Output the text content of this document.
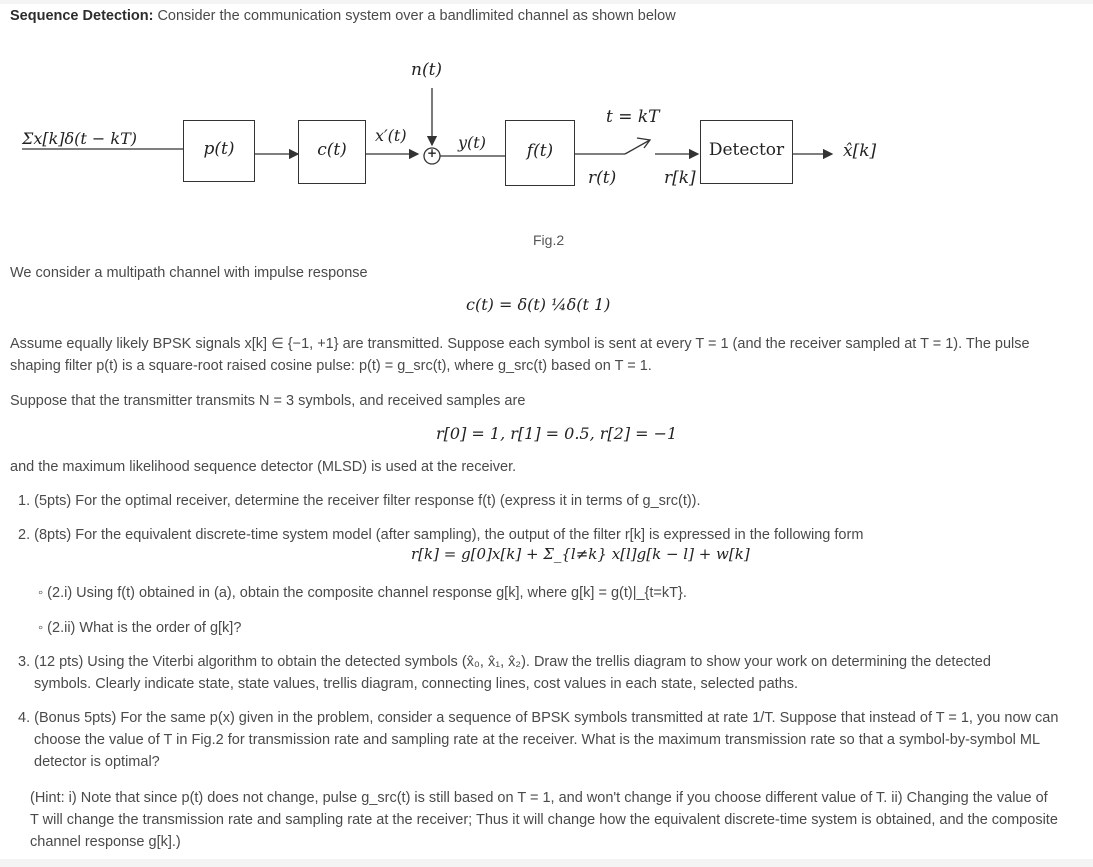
Sequence Detection: Consider the communication system over a bandlimited channel as shown below
Σx[k]δ(t − kT)
p(t)	c(t)
n(t)
x′(t)
+
y(t)	f(t)
t = kT
r(t)	r[k]
Detector	x̂[k]
Fig.2
We consider a multipath channel with impulse response
c(t) = δ(t) ¼δ(t 1)
Assume equally likely BPSK signals x[k] ∈ {−1, +1} are transmitted. Suppose each symbol is sent at every T = 1 (and the receiver sampled at T = 1). The pulse
shaping filter p(t) is a square-root raised cosine pulse: p(t) = g_src(t), where g_src(t) based on T = 1.
Suppose that the transmitter transmits N = 3 symbols, and received samples are
r[0] = 1, r[1] = 0.5, r[2] = −1
and the maximum likelihood sequence detector (MLSD) is used at the receiver.
1. (5pts) For the optimal receiver, determine the receiver filter response f(t) (express it in terms of g_src(t)).
2. (8pts) For the equivalent discrete-time system model (after sampling), the output of the filter r[k] is expressed in the following form
r[k] = g[0]x[k] + Σ_{l≠k} x[l]g[k − l] + w[k]
◦ (2.i) Using f(t) obtained in (a), obtain the composite channel response g[k], where g[k] = g(t)|_{t=kT}.
◦ (2.ii) What is the order of g[k]?
3. (12 pts) Using the Viterbi algorithm to obtain the detected symbols (x̂₀, x̂₁, x̂₂). Draw the trellis diagram to show your work on determining the detected
symbols. Clearly indicate state, state values, trellis diagram, connecting lines, cost values in each state, selected paths.
4. (Bonus 5pts) For the same p(x) given in the problem, consider a sequence of BPSK symbols transmitted at rate 1/T. Suppose that instead of T = 1, you now can
choose the value of T in Fig.2 for transmission rate and sampling rate at the receiver. What is the maximum transmission rate so that a symbol-by-symbol ML
detector is optimal?
(Hint: i) Note that since p(t) does not change, pulse g_src(t) is still based on T = 1, and won't change if you choose different value of T. ii) Changing the value of
T will change the transmission rate and sampling rate at the receiver; Thus it will change how the equivalent discrete-time system is obtained, and the composite
channel response g[k].)
